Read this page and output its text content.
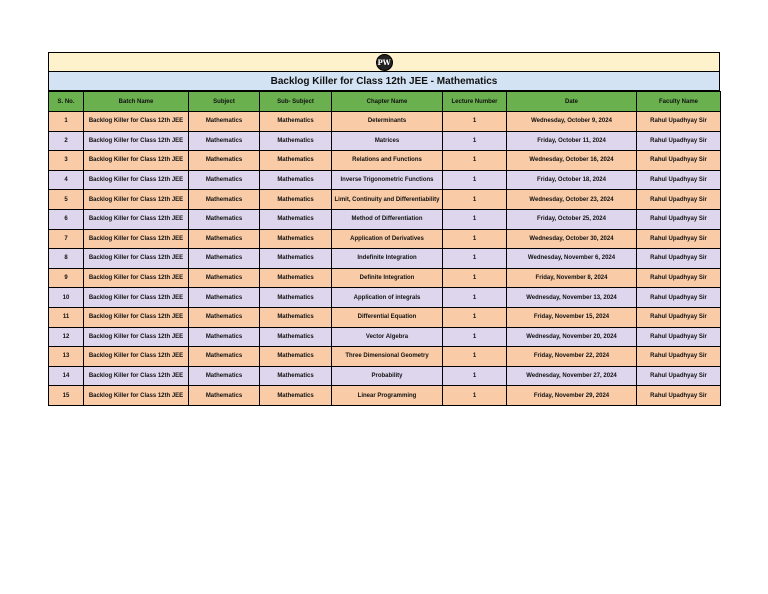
PW
Backlog Killer for Class 12th JEE - Mathematics
S. No.	Batch Name	Subject	Sub- Subject	Chapter Name	Lecture Number	Date	Faculty Name
1	Backlog Killer for Class 12th JEE	Mathematics	Mathematics	Determinants	1	Wednesday, October 9, 2024	Rahul Upadhyay Sir
2	Backlog Killer for Class 12th JEE	Mathematics	Mathematics	Matrices	1	Friday, October 11, 2024	Rahul Upadhyay Sir
3	Backlog Killer for Class 12th JEE	Mathematics	Mathematics	Relations and Functions	1	Wednesday, October 16, 2024	Rahul Upadhyay Sir
4	Backlog Killer for Class 12th JEE	Mathematics	Mathematics	Inverse Trigonometric Functions	1	Friday, October 18, 2024	Rahul Upadhyay Sir
5	Backlog Killer for Class 12th JEE	Mathematics	Mathematics	Limit, Continuity and Differentiability	1	Wednesday, October 23, 2024	Rahul Upadhyay Sir
6	Backlog Killer for Class 12th JEE	Mathematics	Mathematics	Method of Differentiation	1	Friday, October 25, 2024	Rahul Upadhyay Sir
7	Backlog Killer for Class 12th JEE	Mathematics	Mathematics	Application of Derivatives	1	Wednesday, October 30, 2024	Rahul Upadhyay Sir
8	Backlog Killer for Class 12th JEE	Mathematics	Mathematics	Indefinite Integration	1	Wednesday, November 6, 2024	Rahul Upadhyay Sir
9	Backlog Killer for Class 12th JEE	Mathematics	Mathematics	Definite Integration	1	Friday, November 8, 2024	Rahul Upadhyay Sir
10	Backlog Killer for Class 12th JEE	Mathematics	Mathematics	Application of integrals	1	Wednesday, November 13, 2024	Rahul Upadhyay Sir
11	Backlog Killer for Class 12th JEE	Mathematics	Mathematics	Differential Equation	1	Friday, November 15, 2024	Rahul Upadhyay Sir
12	Backlog Killer for Class 12th JEE	Mathematics	Mathematics	Vector Algebra	1	Wednesday, November 20, 2024	Rahul Upadhyay Sir
13	Backlog Killer for Class 12th JEE	Mathematics	Mathematics	Three Dimensional Geometry	1	Friday, November 22, 2024	Rahul Upadhyay Sir
14	Backlog Killer for Class 12th JEE	Mathematics	Mathematics	Probability	1	Wednesday, November 27, 2024	Rahul Upadhyay Sir
15	Backlog Killer for Class 12th JEE	Mathematics	Mathematics	Linear Programming	1	Friday, November 29, 2024	Rahul Upadhyay Sir
